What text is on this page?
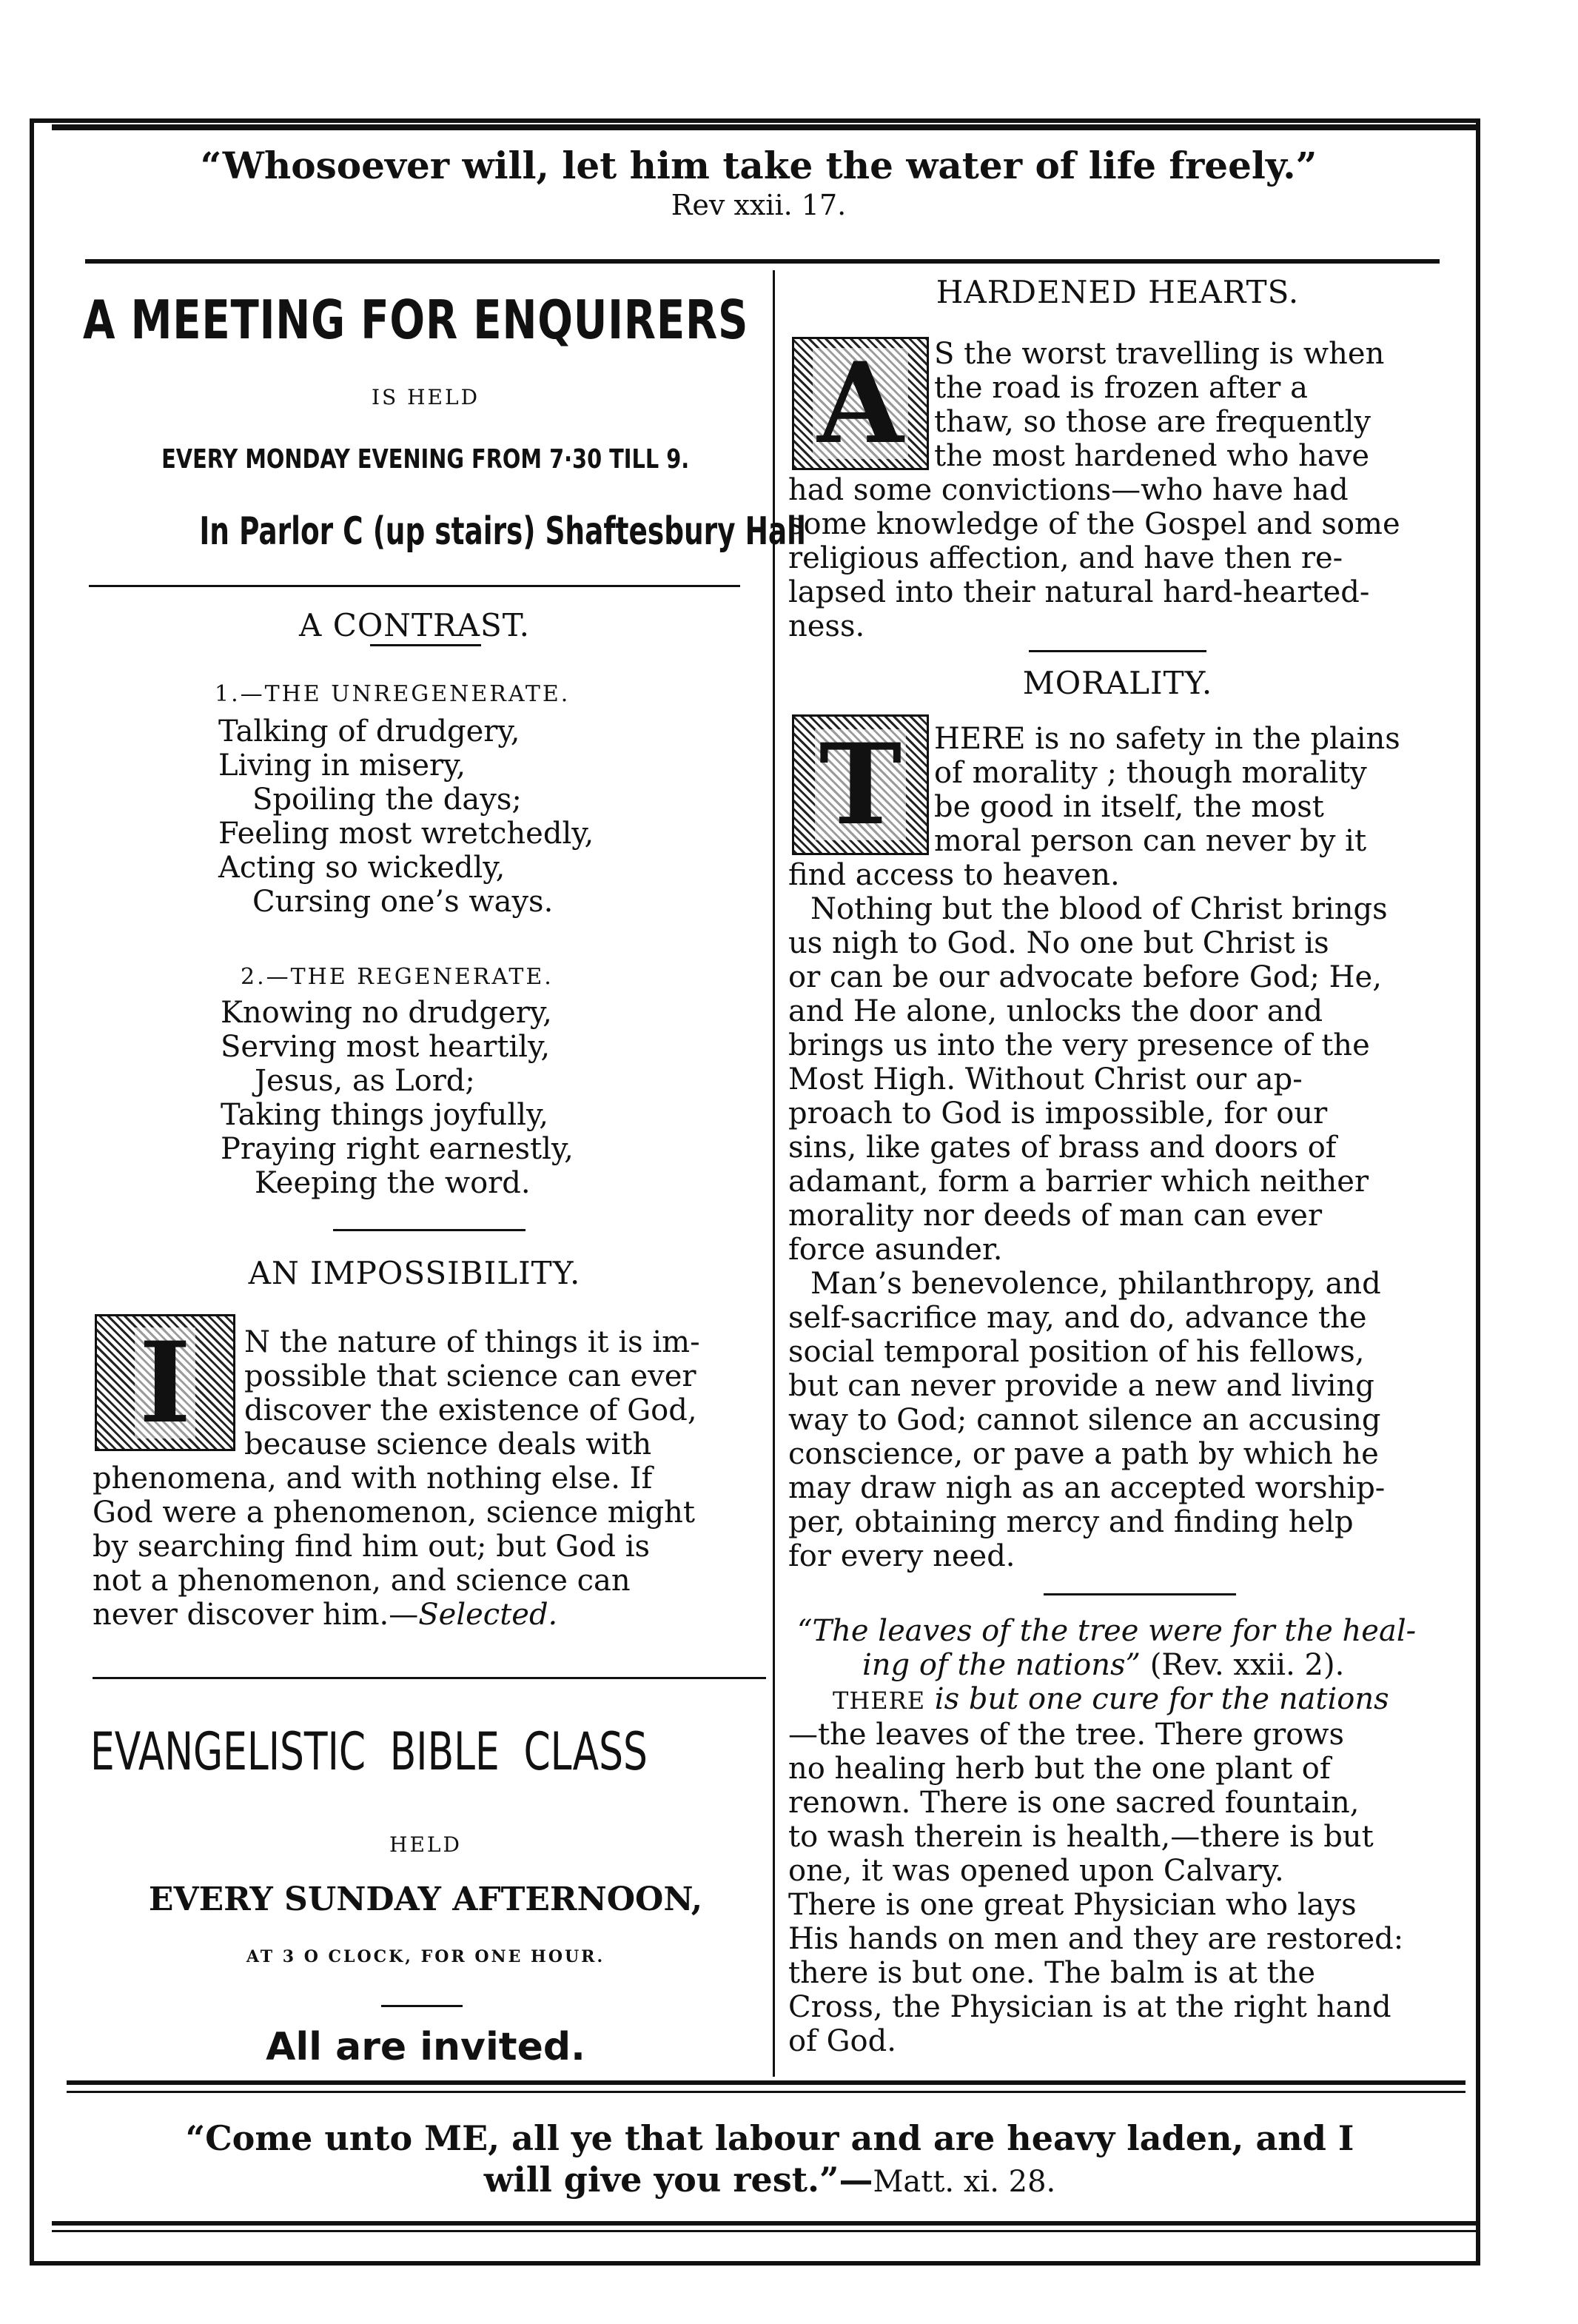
“Whosoever will, let him take the water of life freely.”
Rev xxii. 17.
A MEETING FOR ENQUIRERS
IS HELD
EVERY MONDAY EVENING FROM 7·30 TILL 9.
In Parlor C (up stairs) Shaftesbury Hall
A CONTRAST.
1.—THE UNREGENERATE.
Talking of drudgery,
Living in misery,
Spoiling the days;
Feeling most wretchedly,
Acting so wickedly,
Cursing one’s ways.
2.—THE REGENERATE.
Knowing no drudgery,
Serving most heartily,
Jesus, as Lord;
Taking things joyfully,
Praying right earnestly,
Keeping the word.
AN IMPOSSIBILITY.
I N the nature of things it is im-
possible that science can ever
discover the existence of God,
because science deals with
phenomena, and with nothing else. If
God were a phenomenon, science might
by searching find him out; but God is
not a phenomenon, and science can
never discover him.—Selected.
EVANGELISTIC BIBLE CLASS
HELD
EVERY SUNDAY AFTERNOON,
AT 3 O CLOCK, FOR ONE HOUR.
All are invited.
HARDENED HEARTS.
A S the worst travelling is when
the road is frozen after a
thaw, so those are frequently
the most hardened who have
had some convictions—who have had
some knowledge of the Gospel and some
religious affection, and have then re-
lapsed into their natural hard-hearted-
ness.
MORALITY.
T HERE is no safety in the plains
of morality ; though morality
be good in itself, the most
moral person can never by it
find access to heaven.
Nothing but the blood of Christ brings
us nigh to God. No one but Christ is
or can be our advocate before God; He,
and He alone, unlocks the door and
brings us into the very presence of the
Most High. Without Christ our ap-
proach to God is impossible, for our
sins, like gates of brass and doors of
adamant, form a barrier which neither
morality nor deeds of man can ever
force asunder.
Man’s benevolence, philanthropy, and
self-sacrifice may, and do, advance the
social temporal position of his fellows,
but can never provide a new and living
way to God; cannot silence an accusing
conscience, or pave a path by which he
may draw nigh as an accepted worship-
per, obtaining mercy and finding help
for every need.
“The leaves of the tree were for the heal-
ing of the nations” (Rev. xxii. 2).
THERE is but one cure for the nations
—the leaves of the tree. There grows
no healing herb but the one plant of
renown. There is one sacred fountain,
to wash therein is health,—there is but
one, it was opened upon Calvary.
There is one great Physician who lays
His hands on men and they are restored:
there is but one. The balm is at the
Cross, the Physician is at the right hand
of God.
“Come unto ME, all ye that labour and are heavy laden, and I
will give you rest.”—Matt. xi. 28.
